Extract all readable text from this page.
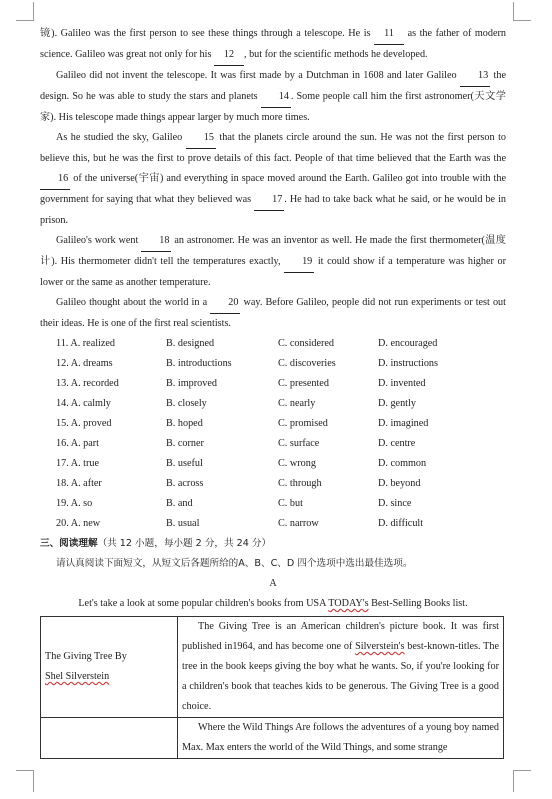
镜). Galileo was the first person to see these things through a telescope. He is 11 as the father of modern science. Galileo was great not only for his 12 , but for the scientific methods he developed.

Galileo did not invent the telescope. It was first made by a Dutchman in 1608 and later Galileo 13 the design. So he was able to study the stars and planets 14 . Some people call him the first astronomer(天文学家). His telescope made things appear larger by much more times.

As he studied the sky, Galileo 15 that the planets circle around the sun. He was not the first person to believe this, but he was the first to prove details of this fact. People of that time believed that the Earth was the 16 of the universe(宇宙) and everything in space moved around the Earth. Galileo got into trouble with the government for saying that what they believed was 17 . He had to take back what he said, or he would be in prison.

Galileo's work went 18 an astronomer. He was an inventor as well. He made the first thermometer(温度计). His thermometer didn't tell the temperatures exactly, 19 it could show if a temperature was higher or lower or the same as another temperature.

Galileo thought about the world in a 20 way. Before Galileo, people did not run experiments or test out their ideas. He is one of the first real scientists.

11. A. realized	B. designed	C. considered	D. encouraged
12. A. dreams	B. introductions	C. discoveries	D. instructions
13. A. recorded	B. improved	C. presented	D. invented
14. A. calmly	B. closely	C. nearly	D. gently
15. A. proved	B. hoped	C. promised	D. imagined
16. A. part	B. corner	C. surface	D. centre
17. A. true	B. useful	C. wrong	D. common
18. A. after	B. across	C. through	D. beyond
19. A. so	B. and	C. but	D. since
20. A. new	B. usual	C. narrow	D. difficult

三、阅读理解（共 12 小题，每小题 2 分，共 24 分）

请认真阅读下面短文，从短文后各题所给的A、B、C、D 四个选项中选出最佳选项。

A

Let's take a look at some popular children's books from USA TODAY's Best-Selling Books list.

The Giving Tree By
Shel Silverstein	The Giving Tree is an American children's picture book. It was first published in1964, and has become one of Silverstein's best-known-titles. The tree in the book keeps giving the boy what he wants. So, if you're looking for a children's book that teaches kids to be generous. The Giving Tree is a good choice.

	Where the Wild Things Are follows the adventures of a young boy named Max. Max enters the world of the Wild Things, and some strange
